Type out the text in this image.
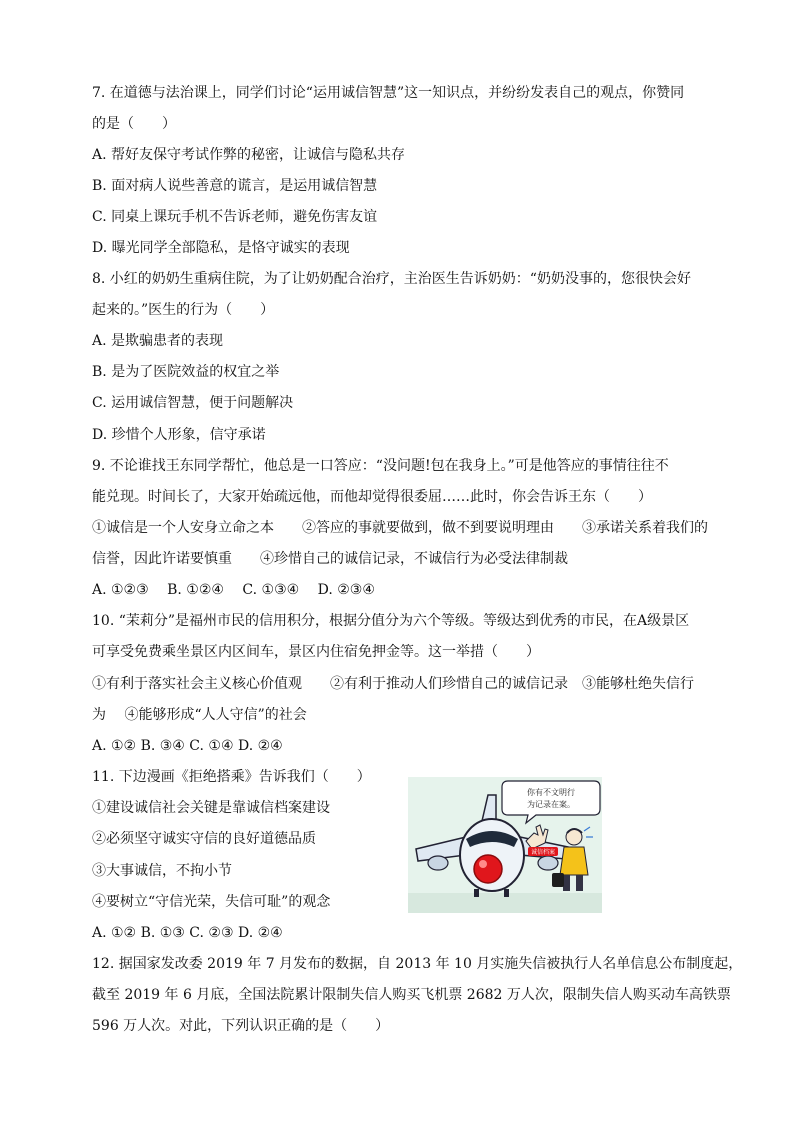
7. 在道德与法治课上，同学们讨论“运用诚信智慧”这一知识点，并纷纷发表自己的观点，你赞同

的是（　　）

A. 帮好友保守考试作弊的秘密，让诚信与隐私共存

B. 面对病人说些善意的谎言，是运用诚信智慧

C. 同桌上课玩手机不告诉老师，避免伤害友谊

D. 曝光同学全部隐私，是恪守诚实的表现

8. 小红的奶奶生重病住院，为了让奶奶配合治疗，主治医生告诉奶奶：“奶奶没事的，您很快会好

起来的。”医生的行为（　　）

A. 是欺骗患者的表现

B. 是为了医院效益的权宜之举

C. 运用诚信智慧，便于问题解决

D. 珍惜个人形象，信守承诺

9. 不论谁找王东同学帮忙，他总是一口答应：“没问题!包在我身上。”可是他答应的事情往往不

能兑现。时间长了，大家开始疏远他，而他却觉得很委屈……此时，你会告诉王东（　　）

①诚信是一个人安身立命之本　　②答应的事就要做到，做不到要说明理由　　③承诺关系着我们的

信誉，因此许诺要慎重　　④珍惜自己的诚信记录，不诚信行为必受法律制裁

A. ①②③　 B. ①②④　 C. ①③④　 D. ②③④

10. “茉莉分”是福州市民的信用积分，根据分值分为六个等级。等级达到优秀的市民，在A级景区

可享受免费乘坐景区内区间车，景区内住宿免押金等。这一举措（　　）

①有利于落实社会主义核心价值观　　②有利于推动人们珍惜自己的诚信记录　③能够杜绝失信行

为　 ④能够形成“人人守信”的社会

A. ①② B. ③④ C. ①④ D. ②④

11. 下边漫画《拒绝搭乘》告诉我们（　　）

①建设诚信社会关键是靠诚信档案建设

②必须坚守诚实守信的良好道德品质

③大事诚信，不拘小节

④要树立“守信光荣，失信可耻”的观念

A. ①② B. ①③ C. ②③ D. ②④

诚信档案
你有不文明行
为记录在案。

12. 据国家发改委 2019 年 7 月发布的数据，自 2013 年 10 月实施失信被执行人名单信息公布制度起，

截至 2019 年 6 月底，全国法院累计限制失信人购买飞机票 2682 万人次，限制失信人购买动车高铁票

596 万人次。对此，下列认识正确的是（　　）
